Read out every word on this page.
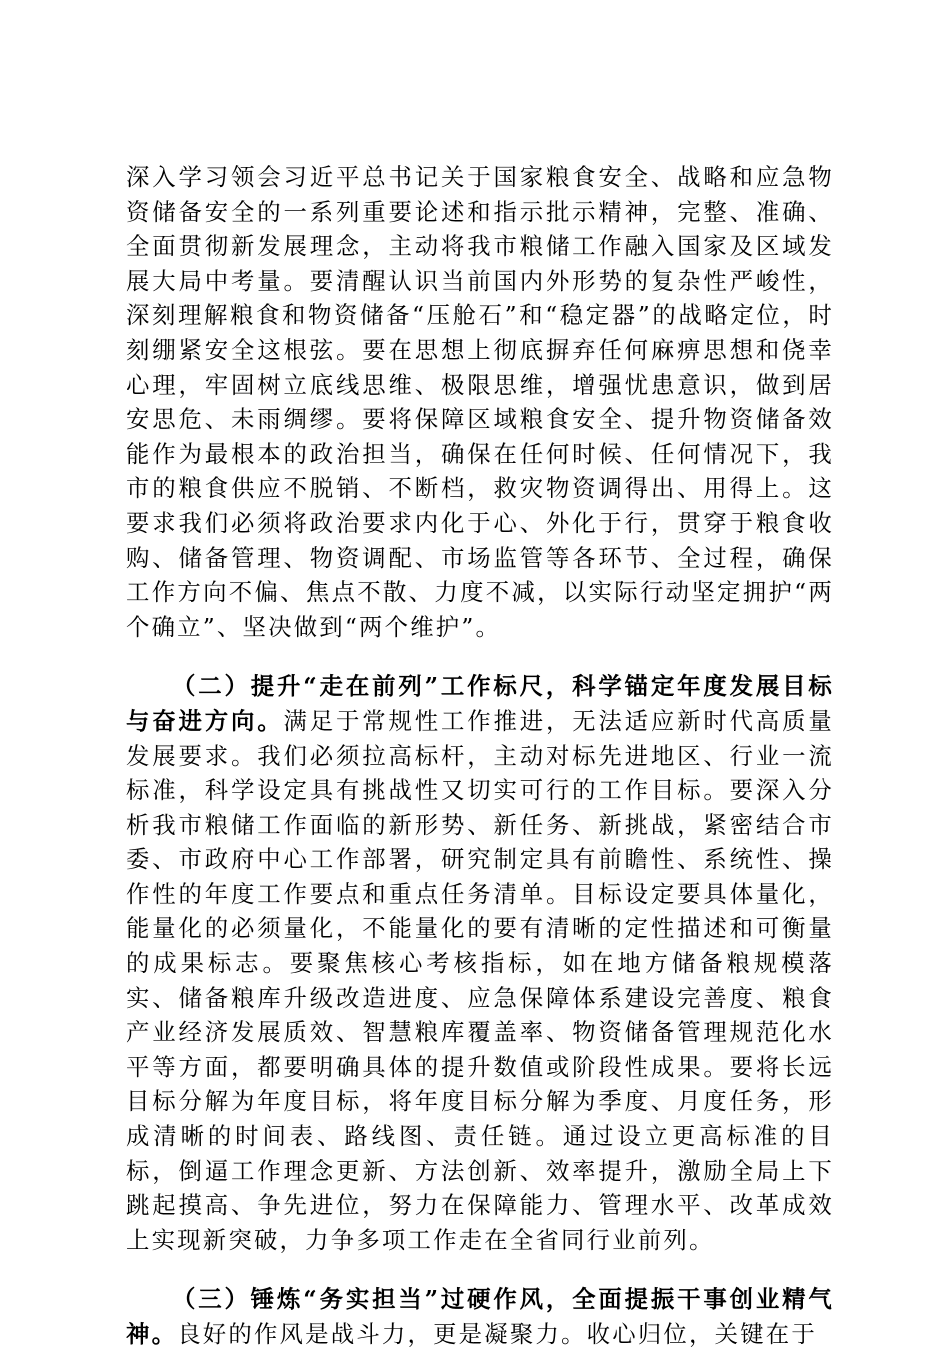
深入学习领会习近平总书记关于国家粮食安全、战略和应急物资储备安全的一系列重要论述和指示批示精神，完整、准确、全面贯彻新发展理念，主动将我市粮储工作融入国家及区域发展大局中考量。要清醒认识当前国内外形势的复杂性严峻性，深刻理解粮食和物资储备“压舱石”和“稳定器”的战略定位，时刻绷紧安全这根弦。要在思想上彻底摒弃任何麻痹思想和侥幸心理，牢固树立底线思维、极限思维，增强忧患意识，做到居安思危、未雨绸缪。要将保障区域粮食安全、提升物资储备效能作为最根本的政治担当，确保在任何时候、任何情况下，我市的粮食供应不脱销、不断档，救灾物资调得出、用得上。这要求我们必须将政治要求内化于心、外化于行，贯穿于粮食收购、储备管理、物资调配、市场监管等各环节、全过程，确保工作方向不偏、焦点不散、力度不减，以实际行动坚定拥护“两个确立”、坚决做到“两个维护”。

（二）提升“走在前列”工作标尺，科学锚定年度发展目标与奋进方向。满足于常规性工作推进，无法适应新时代高质量发展要求。我们必须拉高标杆，主动对标先进地区、行业一流标准，科学设定具有挑战性又切实可行的工作目标。要深入分析我市粮储工作面临的新形势、新任务、新挑战，紧密结合市委、市政府中心工作部署，研究制定具有前瞻性、系统性、操作性的年度工作要点和重点任务清单。目标设定要具体量化，能量化的必须量化，不能量化的要有清晰的定性描述和可衡量的成果标志。要聚焦核心考核指标，如在地方储备粮规模落实、储备粮库升级改造进度、应急保障体系建设完善度、粮食产业经济发展质效、智慧粮库覆盖率、物资储备管理规范化水平等方面，都要明确具体的提升数值或阶段性成果。要将长远目标分解为年度目标，将年度目标分解为季度、月度任务，形成清晰的时间表、路线图、责任链。通过设立更高标准的目标，倒逼工作理念更新、方法创新、效率提升，激励全局上下跳起摸高、争先进位，努力在保障能力、管理水平、改革成效上实现新突破，力争多项工作走在全省同行业前列。

（三）锤炼“务实担当”过硬作风，全面提振干事创业精气神。良好的作风是战斗力，更是凝聚力。收心归位，关键在于
